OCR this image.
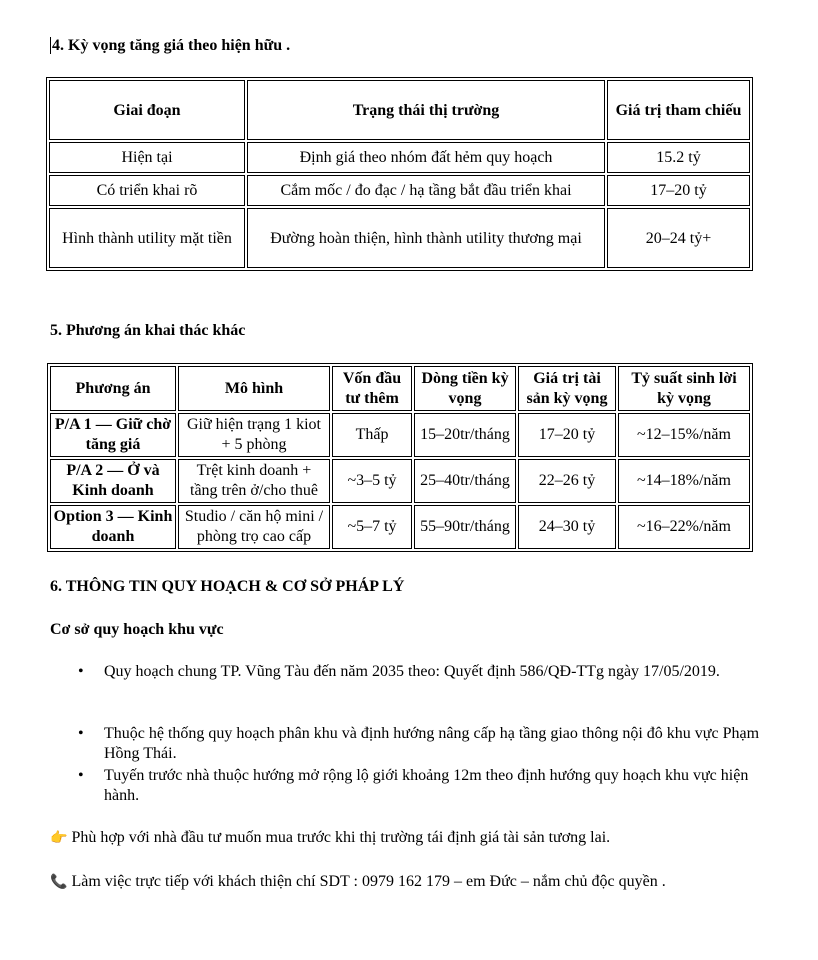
4. Kỳ vọng tăng giá theo hiện hữu .
Giai đoạn	Trạng thái thị trường	Giá trị tham chiếu
Hiện tại	Định giá theo nhóm đất hẻm quy hoạch	15.2 tỷ
Có triển khai rõ	Cắm mốc / đo đạc / hạ tầng bắt đầu triển khai	17–20 tỷ
Hình thành utility mặt tiền	Đường hoàn thiện, hình thành utility thương mại	20–24 tỷ+
5. Phương án khai thác khác
Phương án	Mô hình	Vốn đầu tư thêm	Dòng tiền kỳ vọng	Giá trị tài sản kỳ vọng	Tỷ suất sinh lời kỳ vọng
P/A 1 — Giữ chờ tăng giá	Giữ hiện trạng 1 kiot + 5 phòng	Thấp	15–20tr/tháng	17–20 tỷ	~12–15%/năm
P/A 2 — Ở và Kinh doanh	Trệt kinh doanh + tầng trên ở/cho thuê	~3–5 tỷ	25–40tr/tháng	22–26 tỷ	~14–18%/năm
Option 3 — Kinh doanh	Studio / căn hộ mini / phòng trọ cao cấp	~5–7 tỷ	55–90tr/tháng	24–30 tỷ	~16–22%/năm
6. THÔNG TIN QUY HOẠCH & CƠ SỞ PHÁP LÝ
Cơ sở quy hoạch khu vực
• Quy hoạch chung TP. Vũng Tàu đến năm 2035 theo: Quyết định 586/QĐ-TTg ngày 17/05/2019.
• Thuộc hệ thống quy hoạch phân khu và định hướng nâng cấp hạ tầng giao thông nội đô khu vực Phạm Hồng Thái.
• Tuyến trước nhà thuộc hướng mở rộng lộ giới khoảng 12m theo định hướng quy hoạch khu vực hiện hành.
👉 Phù hợp với nhà đầu tư muốn mua trước khi thị trường tái định giá tài sản tương lai.
📞 Làm việc trực tiếp với khách thiện chí SDT : 0979 162 179 – em Đức – nắm chủ độc quyền .
